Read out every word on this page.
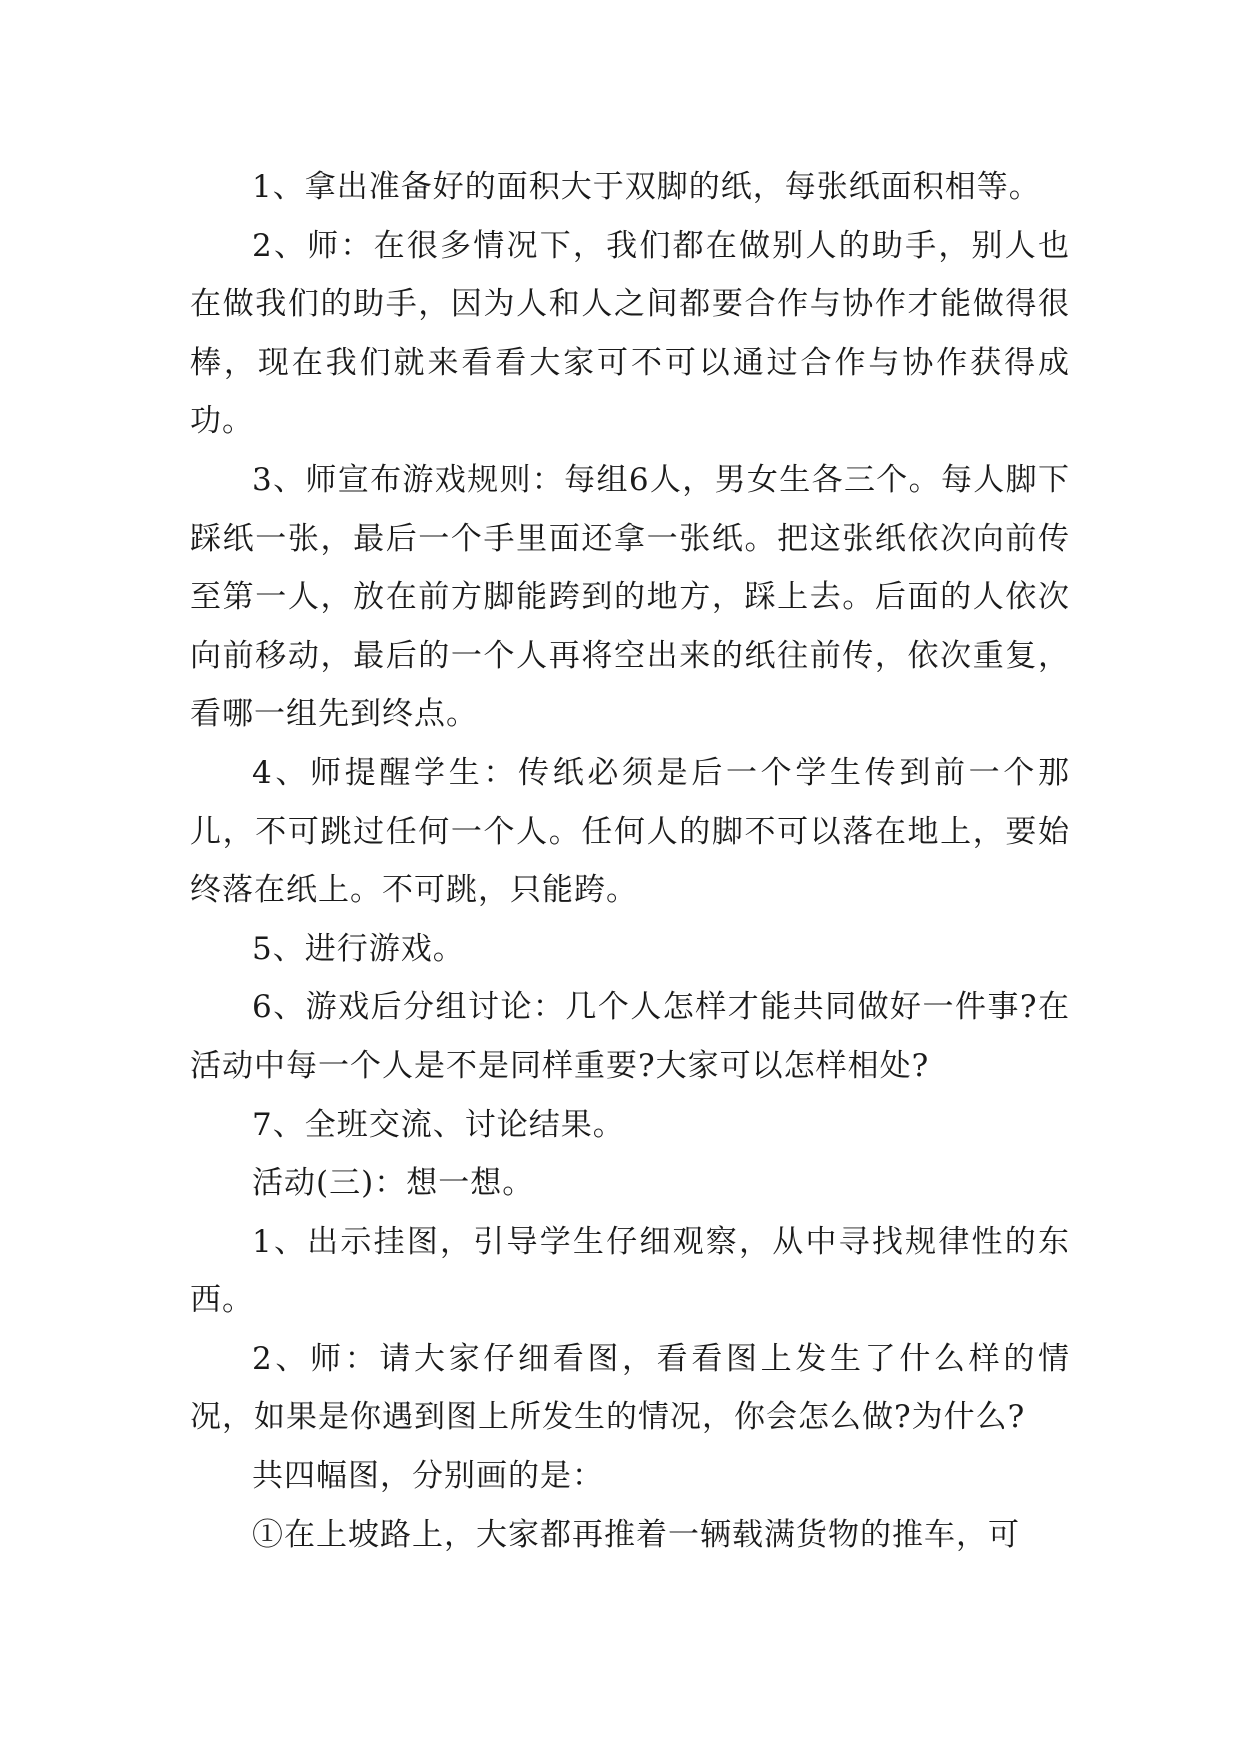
1、拿出准备好的面积大于双脚的纸，每张纸面积相等。

2、师：在很多情况下，我们都在做别人的助手，别人也在做我们的助手，因为人和人之间都要合作与协作才能做得很棒，现在我们就来看看大家可不可以通过合作与协作获得成功。

3、师宣布游戏规则：每组6人，男女生各三个。每人脚下踩纸一张，最后一个手里面还拿一张纸。把这张纸依次向前传至第一人，放在前方脚能跨到的地方，踩上去。后面的人依次向前移动，最后的一个人再将空出来的纸往前传，依次重复，看哪一组先到终点。

4、师提醒学生：传纸必须是后一个学生传到前一个那儿，不可跳过任何一个人。任何人的脚不可以落在地上，要始终落在纸上。不可跳，只能跨。

5、进行游戏。

6、游戏后分组讨论：几个人怎样才能共同做好一件事?在活动中每一个人是不是同样重要?大家可以怎样相处?

7、全班交流、讨论结果。

活动(三)：想一想。

1、出示挂图，引导学生仔细观察，从中寻找规律性的东西。

2、师：请大家仔细看图，看看图上发生了什么样的情况，如果是你遇到图上所发生的情况，你会怎么做?为什么?

共四幅图，分别画的是：

①在上坡路上，大家都再推着一辆载满货物的推车，可
